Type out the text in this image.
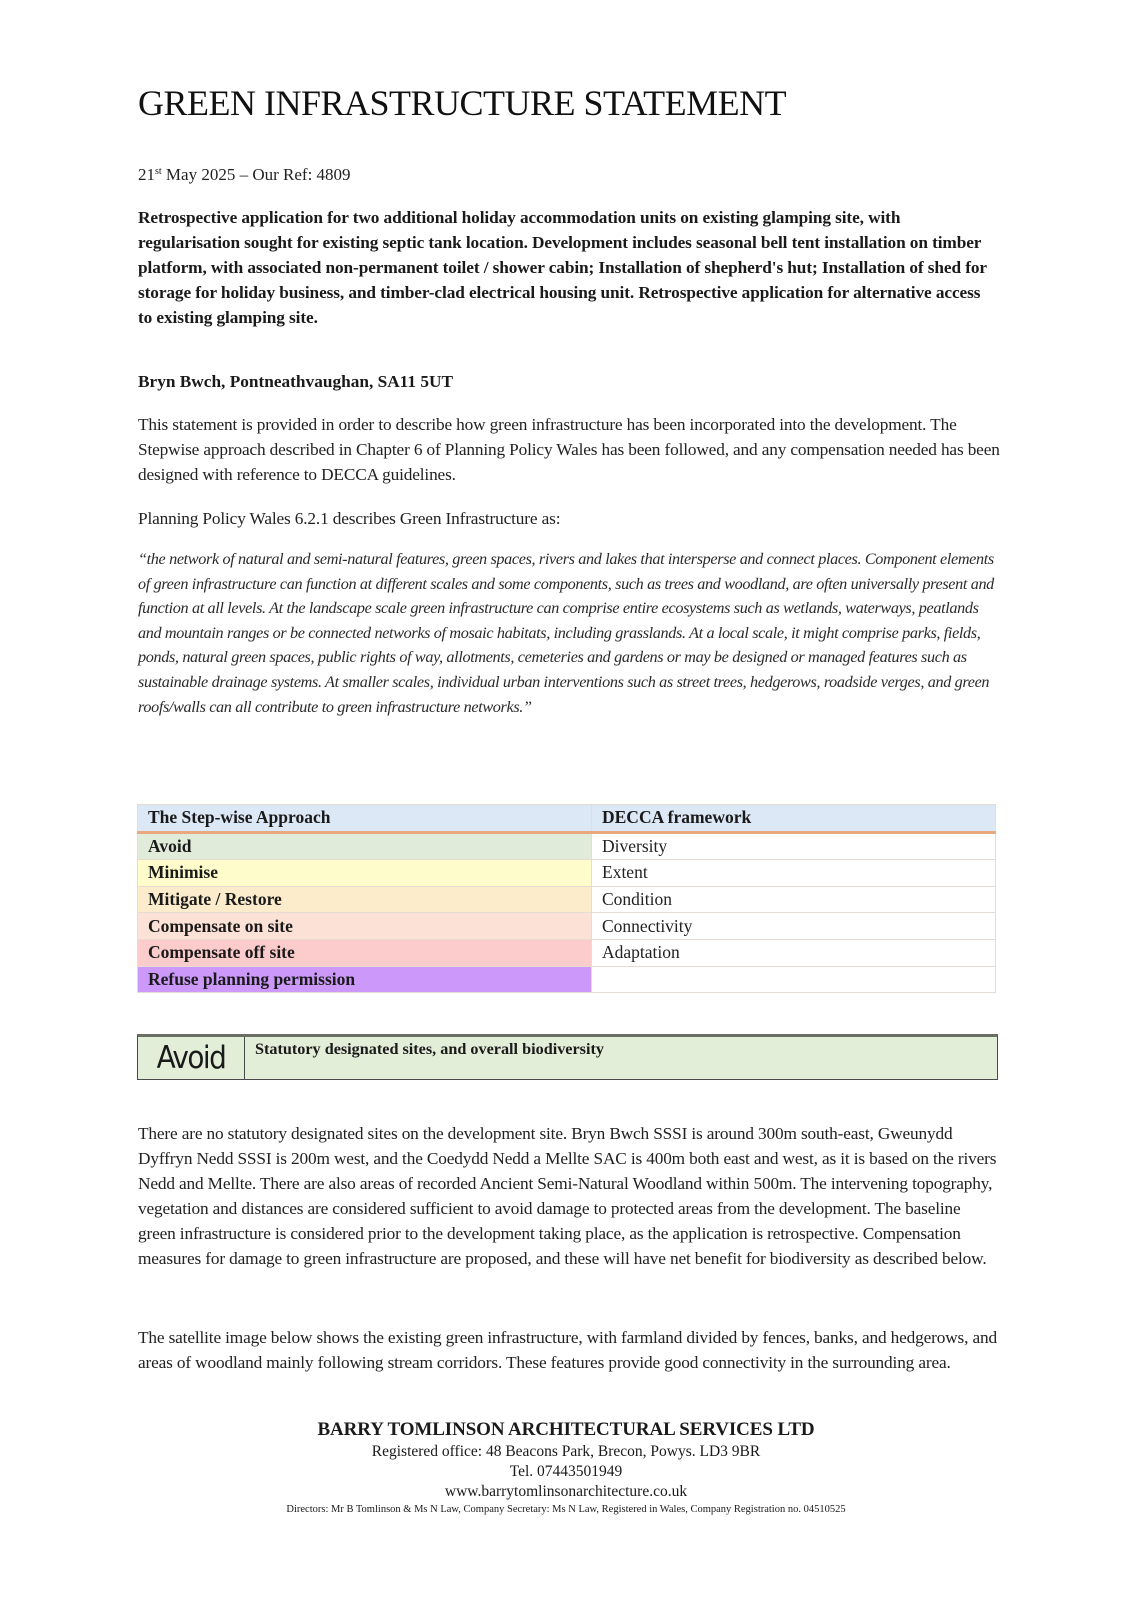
GREEN INFRASTRUCTURE STATEMENT
21st May 2025 – Our Ref: 4809

Retrospective application for two additional holiday accommodation units on existing glamping site, with regularisation sought for existing septic tank location. Development includes seasonal bell tent installation on timber platform, with associated non-permanent toilet / shower cabin; Installation of shepherd's hut; Installation of shed for storage for holiday business, and timber-clad electrical housing unit. Retrospective application for alternative access to existing glamping site.

Bryn Bwch, Pontneathvaughan, SA11 5UT

This statement is provided in order to describe how green infrastructure has been incorporated into the development. The Stepwise approach described in Chapter 6 of Planning Policy Wales has been followed, and any compensation needed has been designed with reference to DECCA guidelines.

Planning Policy Wales 6.2.1 describes Green Infrastructure as:

“the network of natural and semi-natural features, green spaces, rivers and lakes that intersperse and connect places. Component elements of green infrastructure can function at different scales and some components, such as trees and woodland, are often universally present and function at all levels. At the landscape scale green infrastructure can comprise entire ecosystems such as wetlands, waterways, peatlands and mountain ranges or be connected networks of mosaic habitats, including grasslands. At a local scale, it might comprise parks, fields, ponds, natural green spaces, public rights of way, allotments, cemeteries and gardens or may be designed or managed features such as sustainable drainage systems. At smaller scales, individual urban interventions such as street trees, hedgerows, roadside verges, and green roofs/walls can all contribute to green infrastructure networks.”

The Step-wise Approach	DECCA framework
Avoid	Diversity
Minimise	Extent
Mitigate / Restore	Condition
Compensate on site	Connectivity
Compensate off site	Adaptation
Refuse planning permission	
Avoid	Statutory designated sites, and overall biodiversity

There are no statutory designated sites on the development site. Bryn Bwch SSSI is around 300m south-east, Gweunydd Dyffryn Nedd SSSI is 200m west, and the Coedydd Nedd a Mellte SAC is 400m both east and west, as it is based on the rivers Nedd and Mellte. There are also areas of recorded Ancient Semi-Natural Woodland within 500m. The intervening topography, vegetation and distances are considered sufficient to avoid damage to protected areas from the development. The baseline green infrastructure is considered prior to the development taking place, as the application is retrospective. Compensation measures for damage to green infrastructure are proposed, and these will have net benefit for biodiversity as described below.

The satellite image below shows the existing green infrastructure, with farmland divided by fences, banks, and hedgerows, and areas of woodland mainly following stream corridors. These features provide good connectivity in the surrounding area.

BARRY TOMLINSON ARCHITECTURAL SERVICES LTD
Registered office: 48 Beacons Park, Brecon, Powys. LD3 9BR
Tel. 07443501949
www.barrytomlinsonarchitecture.co.uk
Directors: Mr B Tomlinson & Ms N Law, Company Secretary: Ms N Law, Registered in Wales, Company Registration no. 04510525
